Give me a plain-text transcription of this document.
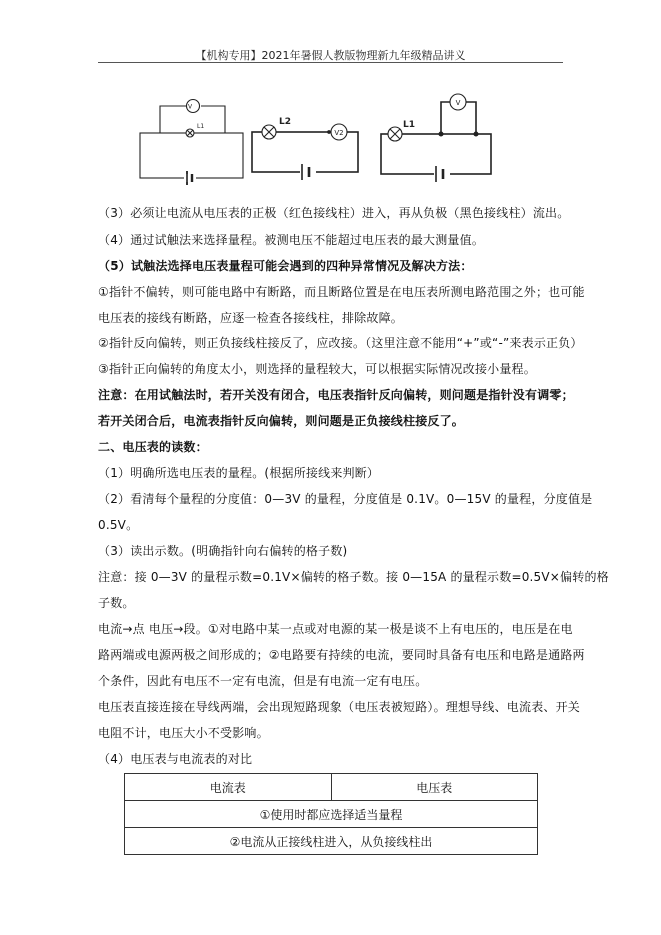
【机构专用】2021年暑假人教版物理新九年级精品讲义
L1
V
L2
V2
L1
V
（3）必须让电流从电压表的正极（红色接线柱）进入，再从负极（黑色接线柱）流出。
（4）通过试触法来选择量程。被测电压不能超过电压表的最大测量值。
（5）试触法选择电压表量程可能会遇到的四种异常情况及解决方法：
①指针不偏转，则可能电路中有断路，而且断路位置是在电压表所测电路范围之外；也可能
电压表的接线有断路，应逐一检查各接线柱，排除故障。
②指针反向偏转，则正负接线柱接反了，应改接。（这里注意不能用“+”或“-”来表示正负）
③指针正向偏转的角度太小，则选择的量程较大，可以根据实际情况改接小量程。
注意：在用试触法时，若开关没有闭合，电压表指针反向偏转，则问题是指针没有调零；
若开关闭合后，电流表指针反向偏转，则问题是正负接线柱接反了。
二、电压表的读数：
（1）明确所选电压表的量程。(根据所接线来判断）
（2）看清每个量程的分度值：0—3V 的量程，分度值是 0.1V。0—15V 的量程，分度值是
0.5V。
（3）读出示数。(明确指针向右偏转的格子数)
注意：接 0—3V 的量程示数=0.1V×偏转的格子数。接 0—15A 的量程示数=0.5V×偏转的格
子数。
电流→点 电压→段。①对电路中某一点或对电源的某一极是谈不上有电压的，电压是在电
路两端或电源两极之间形成的；②电路要有持续的电流，要同时具备有电压和电路是通路两
个条件，因此有电压不一定有电流，但是有电流一定有电压。
电压表直接连接在导线两端，会出现短路现象（电压表被短路）。理想导线、电流表、开关
电阻不计，电压大小不受影响。
（4）电压表与电流表的对比
电流表	电压表
①使用时都应选择适当量程
②电流从正接线柱进入，从负接线柱出
